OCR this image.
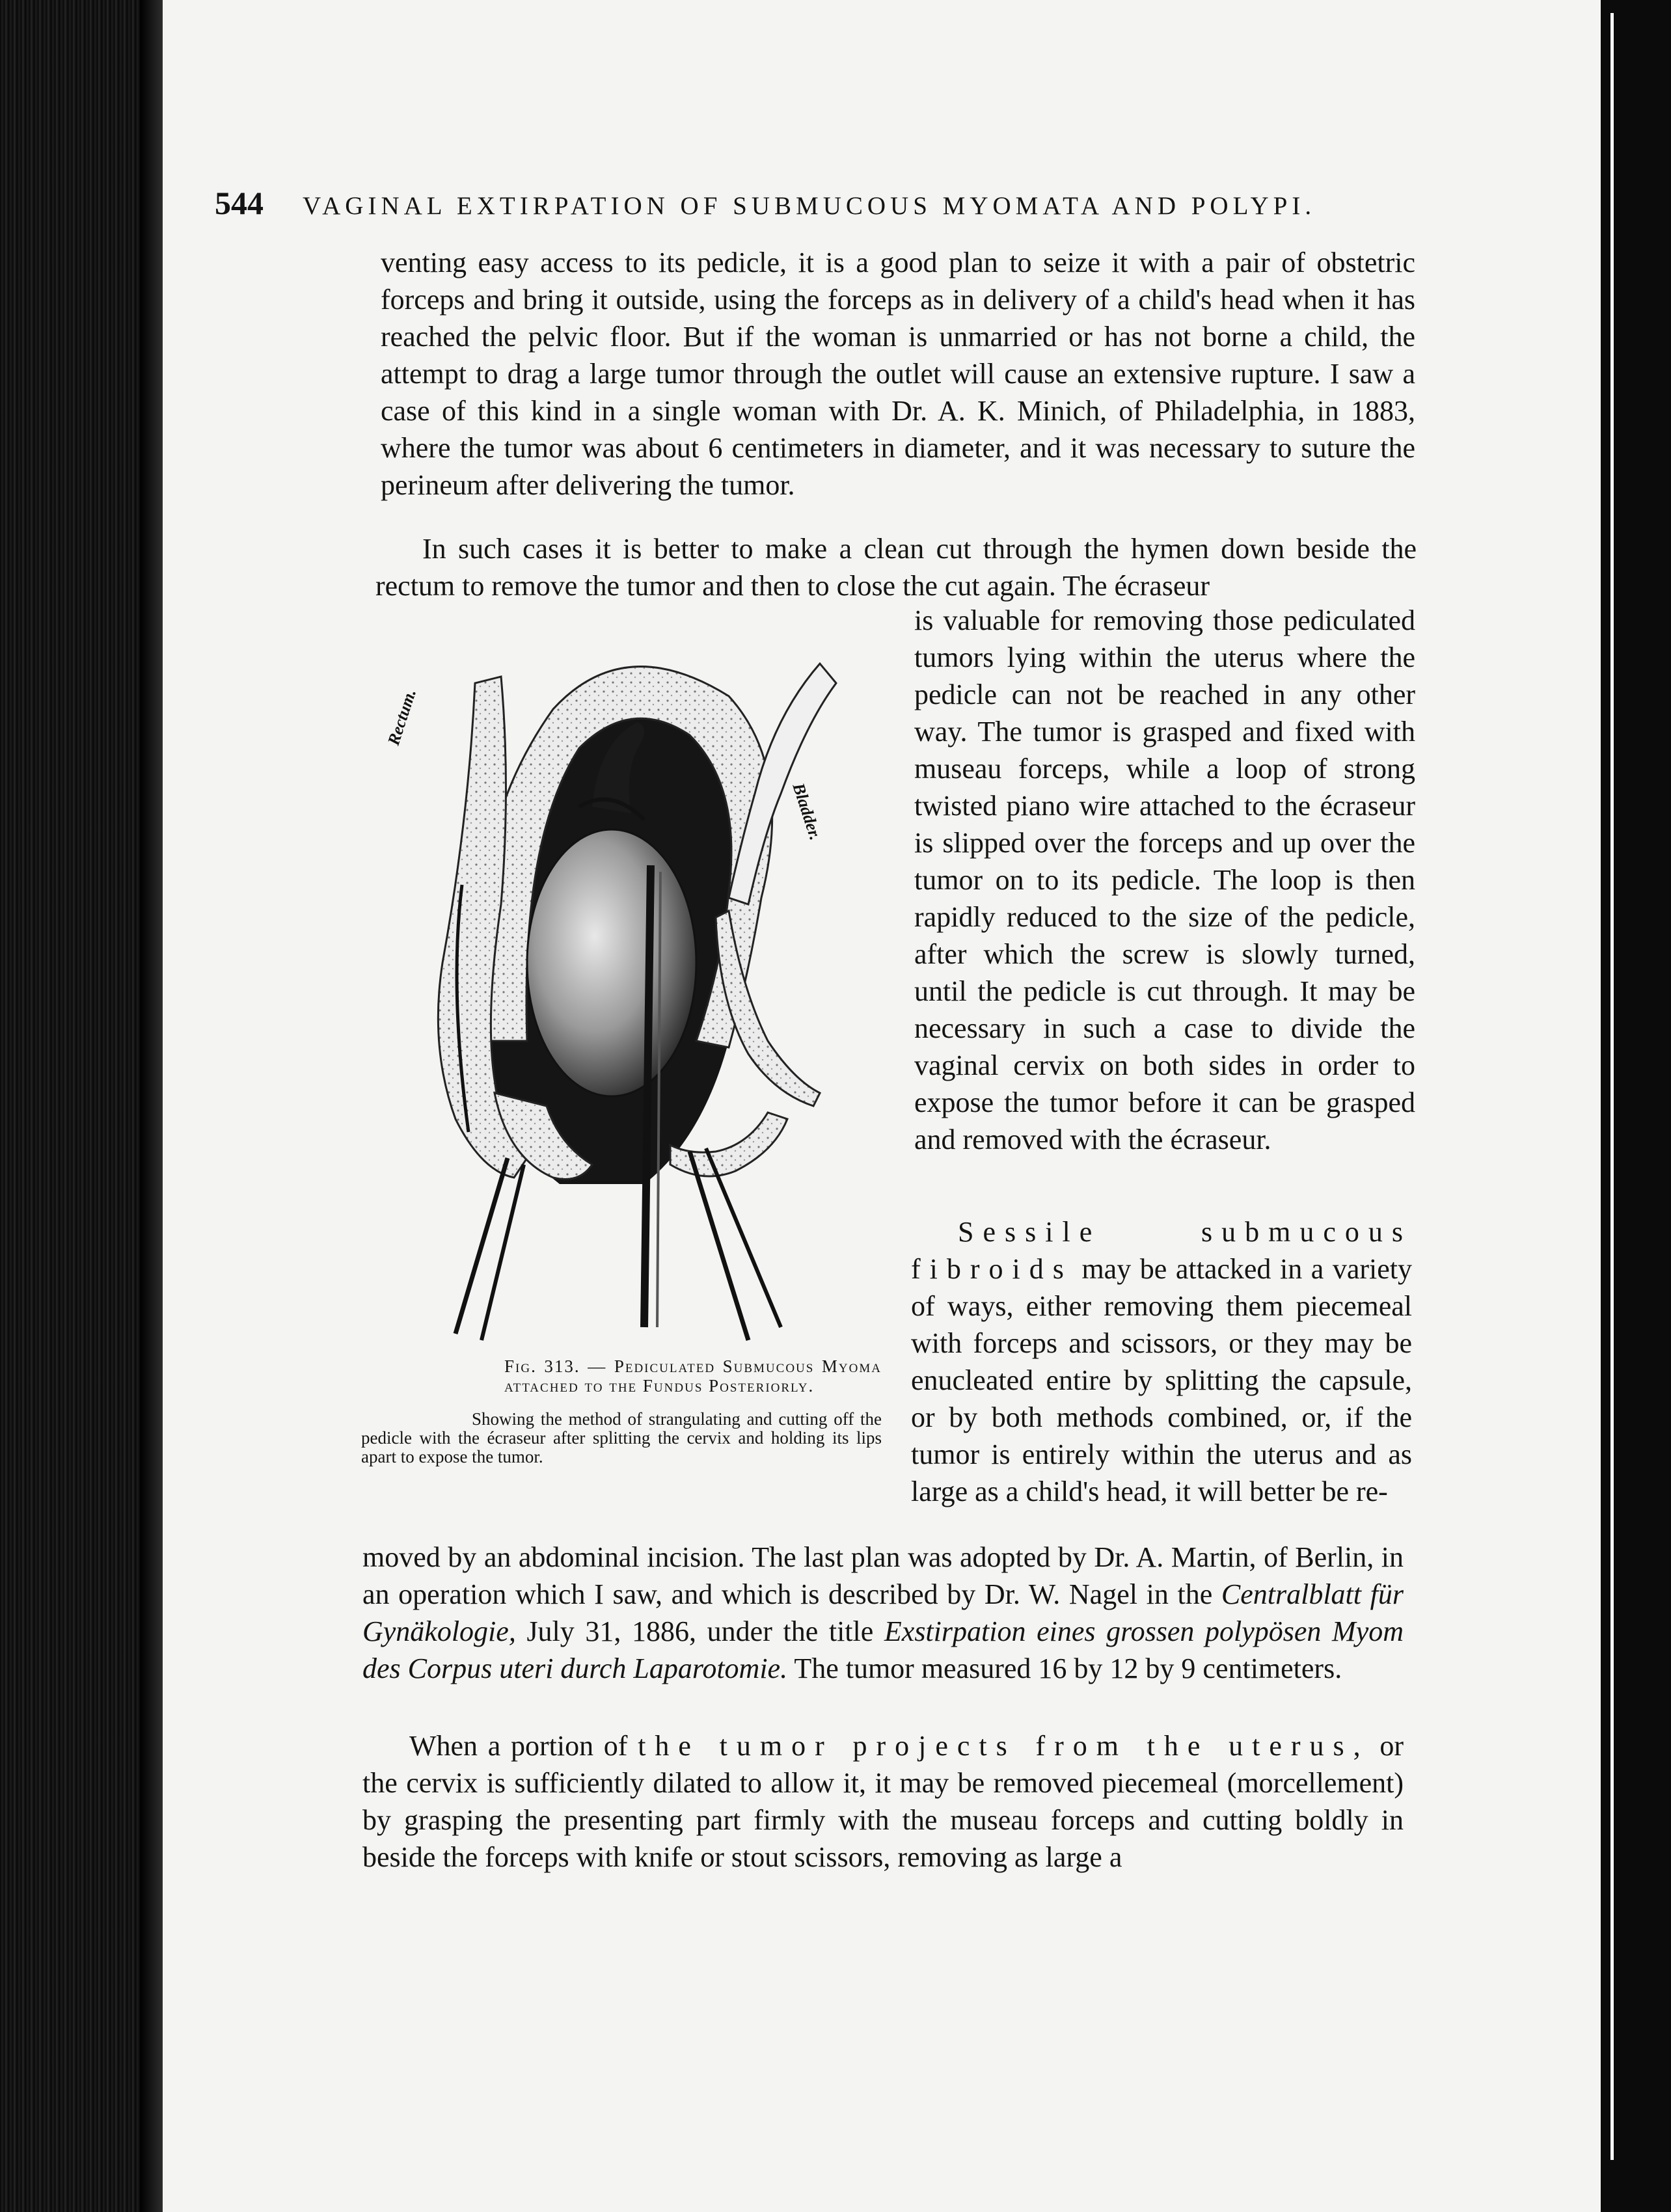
544 VAGINAL EXTIRPATION OF SUBMUCOUS MYOMATA AND POLYPI.

venting easy access to its pedicle, it is a good plan to seize it with a pair of obstetric forceps and bring it outside, using the forceps as in delivery of a child's head when it has reached the pelvic floor. But if the woman is unmarried or has not borne a child, the attempt to drag a large tumor through the outlet will cause an extensive rupture. I saw a case of this kind in a single woman with Dr. A. K. Minich, of Philadelphia, in 1883, where the tumor was about 6 centimeters in diameter, and it was necessary to suture the perineum after delivering the tumor.

In such cases it is better to make a clean cut through the hymen down beside the rectum to remove the tumor and then to close the cut again. The écraseur

is valuable for removing those pediculated tumors lying within the uterus where the pedicle can not be reached in any other way. The tumor is grasped and fixed with museau forceps, while a loop of strong twisted piano wire attached to the écraseur is slipped over the forceps and up over the tumor on to its pedicle. The loop is then rapidly reduced to the size of the pedicle, after which the screw is slowly turned, until the pedicle is cut through. It may be necessary in such a case to divide the vaginal cervix on both sides in order to expose the tumor before it can be grasped and removed with the écraseur.

Sessile submucous fibroids may be attacked in a variety of ways, either removing them piecemeal with forceps and scissors, or they may be enucleated entire by splitting the capsule, or by both methods combined, or, if the tumor is entirely within the uterus and as large as a child's head, it will better be re-

moved by an abdominal incision. The last plan was adopted by Dr. A. Martin, of Berlin, in an operation which I saw, and which is described by Dr. W. Nagel in the Centralblatt für Gynäkologie, July 31, 1886, under the title Exstirpation eines grossen polypösen Myom des Corpus uteri durch Laparotomie. The tumor measured 16 by 12 by 9 centimeters.

When a portion of the tumor projects from the uterus, or the cervix is sufficiently dilated to allow it, it may be removed piecemeal (morcellement) by grasping the presenting part firmly with the museau forceps and cutting boldly in beside the forceps with knife or stout scissors, removing as large a

Rectum.
Bladder.
Fig. 313. — Pediculated Submucous Myoma attached to the Fundus Posteriorly.
Showing the method of strangulating and cutting off the pedicle with the écraseur after splitting the cervix and holding its lips apart to expose the tumor.
